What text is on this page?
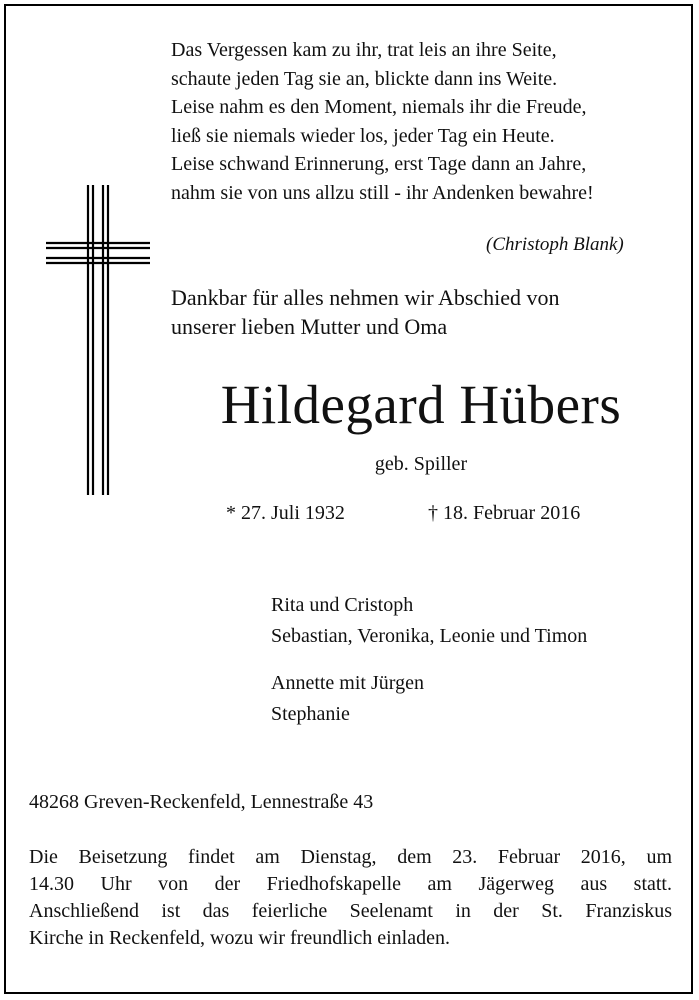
Das Vergessen kam zu ihr, trat leis an ihre Seite,
schaute jeden Tag sie an, blickte dann ins Weite.
Leise nahm es den Moment, niemals ihr die Freude,
ließ sie niemals wieder los, jeder Tag ein Heute.
Leise schwand Erinnerung, erst Tage dann an Jahre,
nahm sie von uns allzu still - ihr Andenken bewahre!
(Christoph Blank)
Dankbar für alles nehmen wir Abschied von
unserer lieben Mutter und Oma
Hildegard Hübers
geb. Spiller
* 27. Juli 1932	† 18. Februar 2016
Rita und Cristoph
Sebastian, Veronika, Leonie und Timon
Annette mit Jürgen
Stephanie
48268 Greven-Reckenfeld, Lennestraße 43
Die Beisetzung findet am Dienstag, dem 23. Februar 2016, um
14.30 Uhr von der Friedhofskapelle am Jägerweg aus statt.
Anschließend ist das feierliche Seelenamt in der St. Franziskus
Kirche in Reckenfeld, wozu wir freundlich einladen.
